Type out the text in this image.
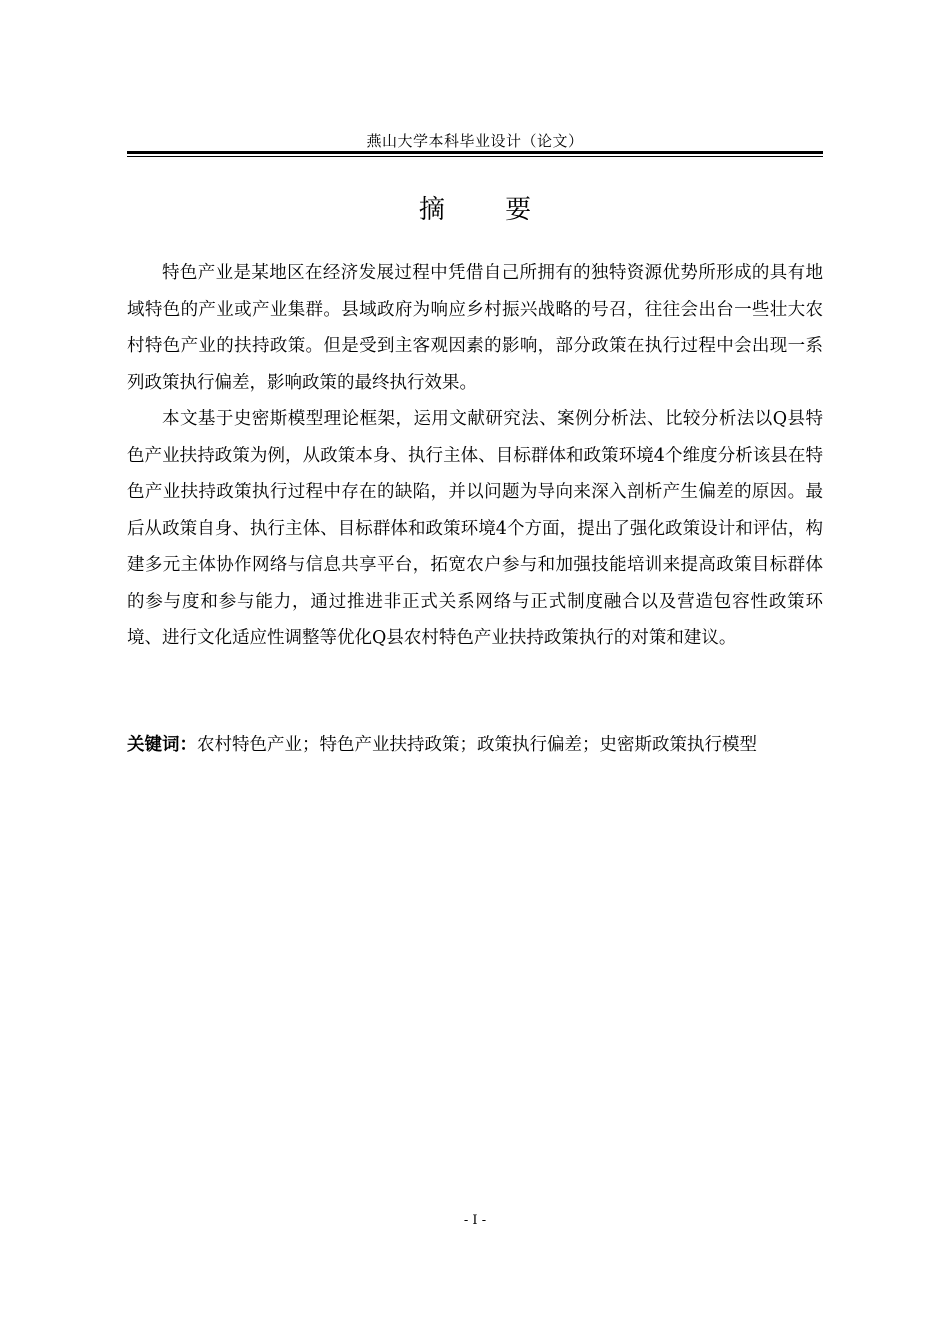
燕山大学本科毕业设计（论文）
摘 要

特色产业是某地区在经济发展过程中凭借自己所拥有的独特资源优势所形成的具有地域特色的产业或产业集群。县域政府为响应乡村振兴战略的号召，往往会出台一些壮大农村特色产业的扶持政策。但是受到主客观因素的影响，部分政策在执行过程中会出现一系列政策执行偏差，影响政策的最终执行效果。

本文基于史密斯模型理论框架，运用文献研究法、案例分析法、比较分析法以Q县特色产业扶持政策为例，从政策本身、执行主体、目标群体和政策环境4个维度分析该县在特色产业扶持政策执行过程中存在的缺陷，并以问题为导向来深入剖析产生偏差的原因。最后从政策自身、执行主体、目标群体和政策环境4个方面，提出了强化政策设计和评估，构建多元主体协作网络与信息共享平台，拓宽农户参与和加强技能培训来提高政策目标群体的参与度和参与能力，通过推进非正式关系网络与正式制度融合以及营造包容性政策环境、进行文化适应性调整等优化Q县农村特色产业扶持政策执行的对策和建议。

关键词：农村特色产业；特色产业扶持政策；政策执行偏差；史密斯政策执行模型
- I -
